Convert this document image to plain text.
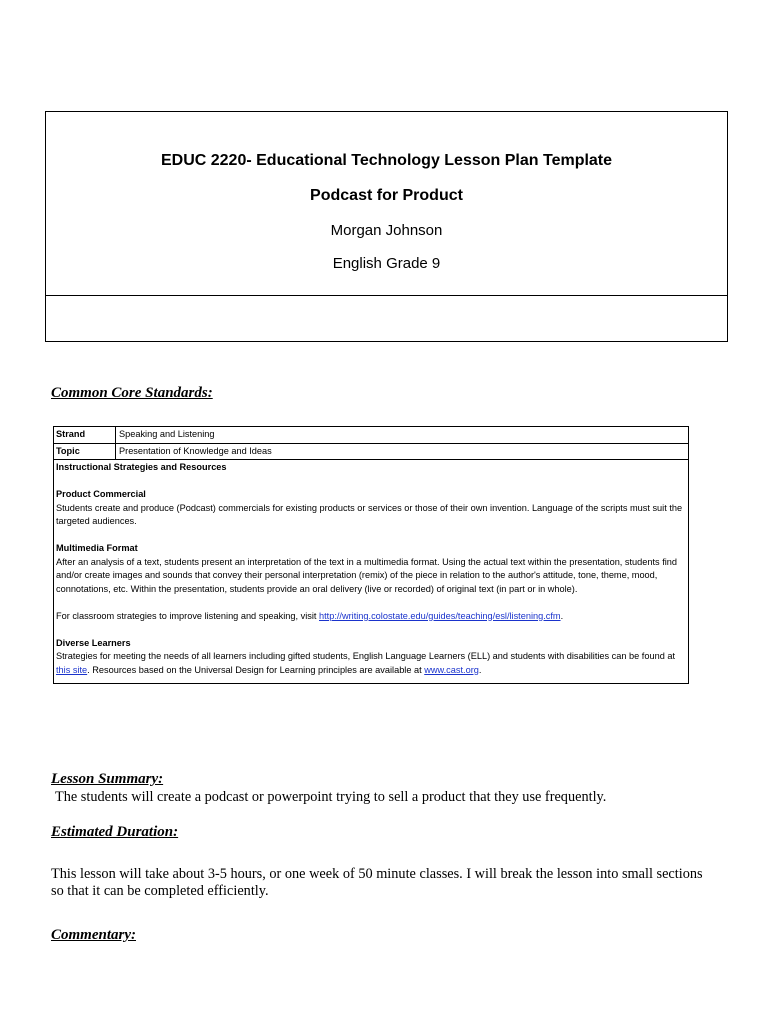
EDUC 2220- Educational Technology Lesson Plan Template
Podcast for Product
Morgan Johnson
English Grade 9
Common Core Standards:
Strand	Speaking and Listening
Topic	Presentation of Knowledge and Ideas
Instructional Strategies and Resources
Product Commercial

Students create and produce (Podcast) commercials for existing products or services or those of their own invention. Language of the scripts must suit the targeted audiences.

Multimedia Format

After an analysis of a text, students present an interpretation of the text in a multimedia format. Using the actual text within the presentation, students find and/or create images and sounds that convey their personal interpretation (remix) of the piece in relation to the author's attitude, tone, theme, mood, connotations, etc. Within the presentation, students provide an oral delivery (live or recorded) of original text (in part or in whole).

For classroom strategies to improve listening and speaking, visit http://writing.colostate.edu/guides/teaching/esl/listening.cfm.

Diverse Learners

Strategies for meeting the needs of all learners including gifted students, English Language Learners (ELL) and students with disabilities can be found at this site. Resources based on the Universal Design for Learning principles are available at www.cast.org.

Lesson Summary:
The students will create a podcast or powerpoint trying to sell a product that they use frequently.
Estimated Duration:
This lesson will take about 3-5 hours, or one week of 50 minute classes. I will break the lesson into small sections so that it can be completed efficiently.
Commentary:
